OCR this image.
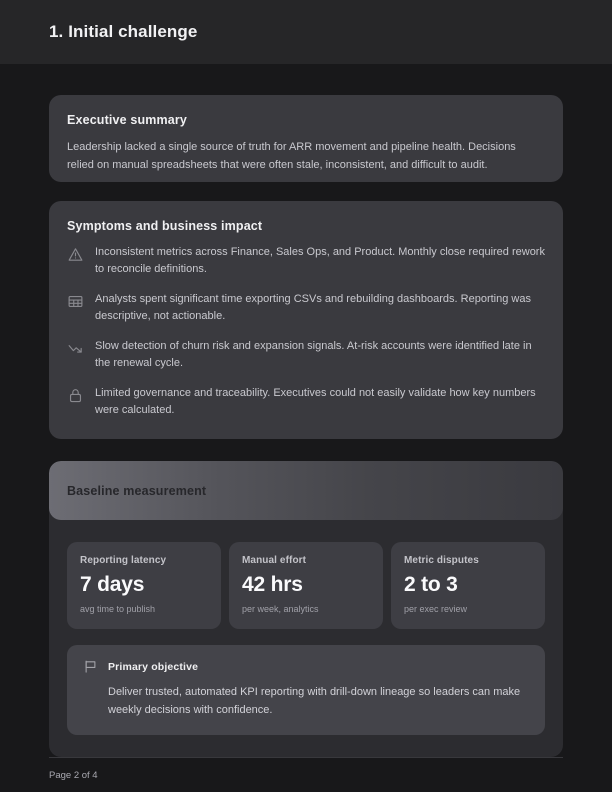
1. Initial challenge
Executive summary

Leadership lacked a single source of truth for ARR movement and pipeline health. Decisions relied on manual spreadsheets that were often stale, inconsistent, and difficult to audit.

Symptoms and business impact
Inconsistent metrics across Finance, Sales Ops, and Product. Monthly close required rework to reconcile definitions.
Analysts spent significant time exporting CSVs and rebuilding dashboards. Reporting was descriptive, not actionable.
Slow detection of churn risk and expansion signals. At-risk accounts were identified late in the renewal cycle.
Limited governance and traceability. Executives could not easily validate how key numbers were calculated.
Baseline measurement
Reporting latency
7 days
avg time to publish
Manual effort
42 hrs
per week, analytics
Metric disputes
2 to 3
per exec review
Primary objective
Deliver trusted, automated KPI reporting with drill-down lineage so leaders can make weekly decisions with confidence.
Page 2 of 4
